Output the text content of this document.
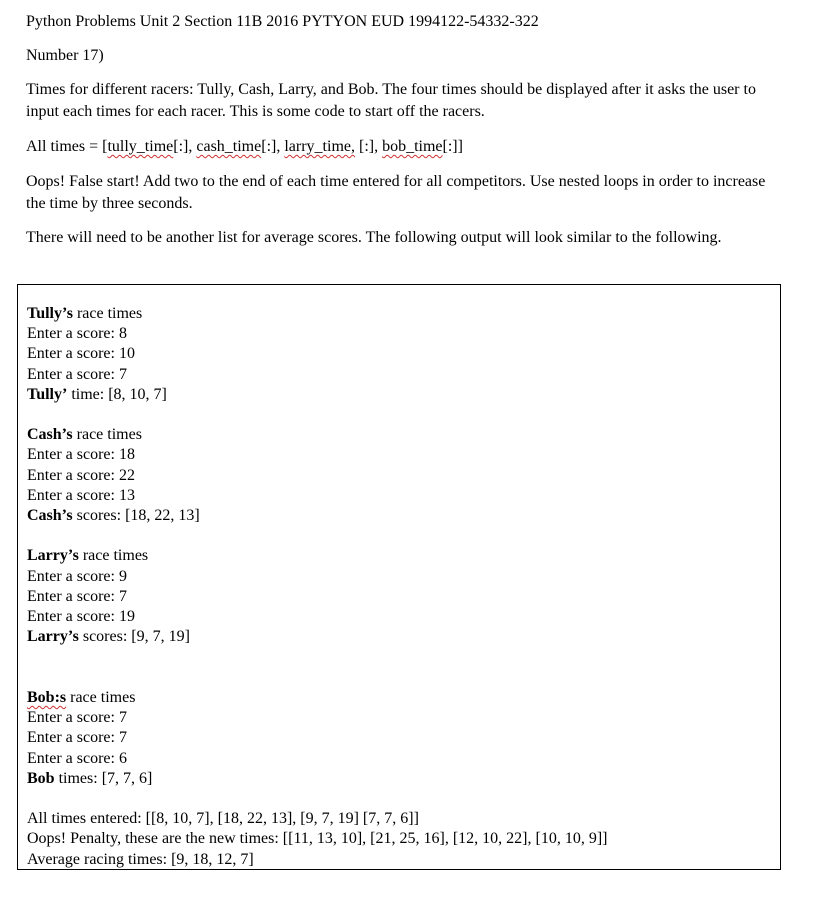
Python Problems Unit 2 Section 11B 2016 PYTYON EUD 1994122-54332-322

Number 17)

Times for different racers: Tully, Cash, Larry, and Bob. The four times should be displayed after it asks the user to input each times for each racer. This is some code to start off the racers.

All times = [tully_time[:], cash_time[:], larry_time, [:], bob_time[:]]

Oops! False start! Add two to the end of each time entered for all competitors. Use nested loops in order to increase the time by three seconds.

There will need to be another list for average scores. The following output will look similar to the following.

Tully’s race times
Enter a score: 8
Enter a score: 10
Enter a score: 7
Tully’ time: [8, 10, 7]
Cash’s race times
Enter a score: 18
Enter a score: 22
Enter a score: 13
Cash’s scores: [18, 22, 13]
Larry’s race times
Enter a score: 9
Enter a score: 7
Enter a score: 19
Larry’s scores: [9, 7, 19]
Bob:s race times
Enter a score: 7
Enter a score: 7
Enter a score: 6
Bob times: [7, 7, 6]
All times entered: [[8, 10, 7], [18, 22, 13], [9, 7, 19] [7, 7, 6]]
Oops! Penalty, these are the new times: [[11, 13, 10], [21, 25, 16], [12, 10, 22], [10, 10, 9]]
Average racing times: [9, 18, 12, 7]
